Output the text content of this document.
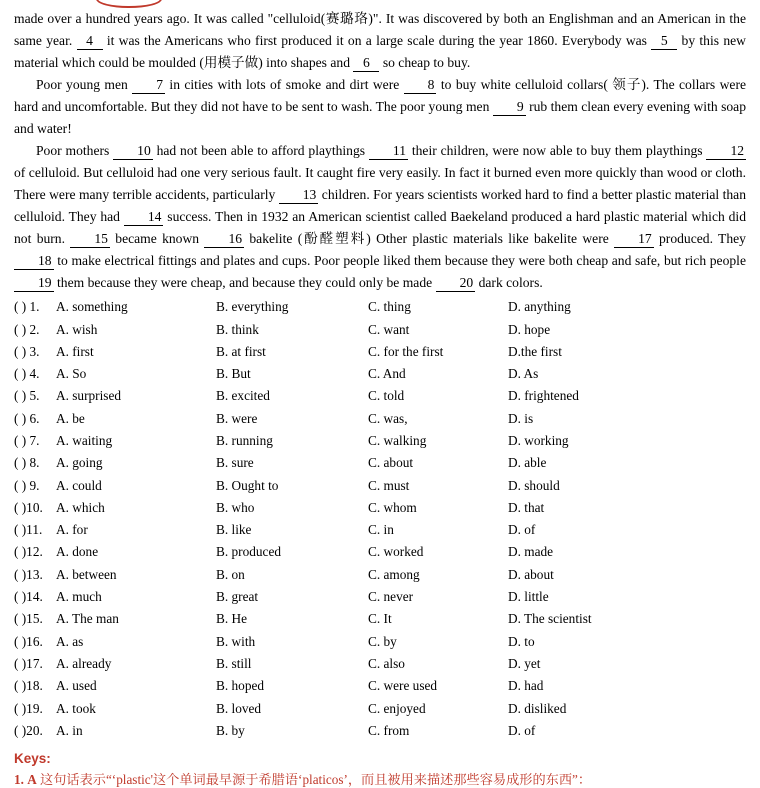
made over a hundred years ago. It was called "celluloid(赛璐珞)". It was discovered by both an Englishman and an American in the same year. 4 it was the Americans who first produced it on a large scale during the year 1860. Everybody was 5 by this new material which could be moulded (用模子做) into shapes and 6 so cheap to buy.

Poor young men 7 in cities with lots of smoke and dirt were 8 to buy white celluloid collars( 领子). The collars were hard and uncomfortable. But they did not have to be sent to wash. The poor young men 9 rub them clean every evening with soap and water!

Poor mothers 10 had not been able to afford playthings 11 their children, were now able to buy them playthings 12 of celluloid. But celluloid had one very serious fault. It caught fire very easily. In fact it burned even more quickly than wood or cloth. There were many terrible accidents, particularly 13 children. For years scientists worked hard to find a better plastic material than celluloid. They had 14 success. Then in 1932 an American scientist called Baekeland produced a hard plastic material which did not burn. 15 became known 16 bakelite (酚醛塑料) Other plastic materials like bakelite were 17 produced. They 18 to make electrical fittings and plates and cups. Poor people liked them because they were both cheap and safe, but rich people 19 them because they were cheap, and because they could only be made 20 dark colors.

( ) 1.	A. something	B. everything	C. thing	D. anything
( ) 2.	A. wish	B. think	C. want	D. hope
( ) 3.	A. first	B. at first	C. for the first	D.the first
( ) 4.	A. So	B. But	C. And	D. As
( ) 5.	A. surprised	B. excited	C. told	D. frightened
( ) 6.	A. be	B. were	C. was,	D. is
( ) 7.	A. waiting	B. running	C. walking	D. working
( ) 8.	A. going	B. sure	C. about	D. able
( ) 9.	A. could	B. Ought to	C. must	D. should
( )10. A. which	B. who	C. whom	D. that
( )11.	A. for	B. like	C. in	D. of
( )12. A. done	B. produced	C. worked	D. made
( )13. A. between	B. on	C. among	D. about
( )14. A. much	B. great	C. never	D. little
( )15. A. The man	B. He	C. It	D. The scientist
( )16. A. as	B. with	C. by	D. to
( )17. A. already	B. still	C. also	D. yet
( )18. A. used	B. hoped	C. were used	D. had
( )19. A. took	B. loved	C. enjoyed	D. disliked
( )20. A. in	B. by	C. from	D. of
Keys:
1. A 这句话表示“‘plastic'这个单词最早源于希腊语‘platicos’，而且被用来描述那些容易成形的东西”：
